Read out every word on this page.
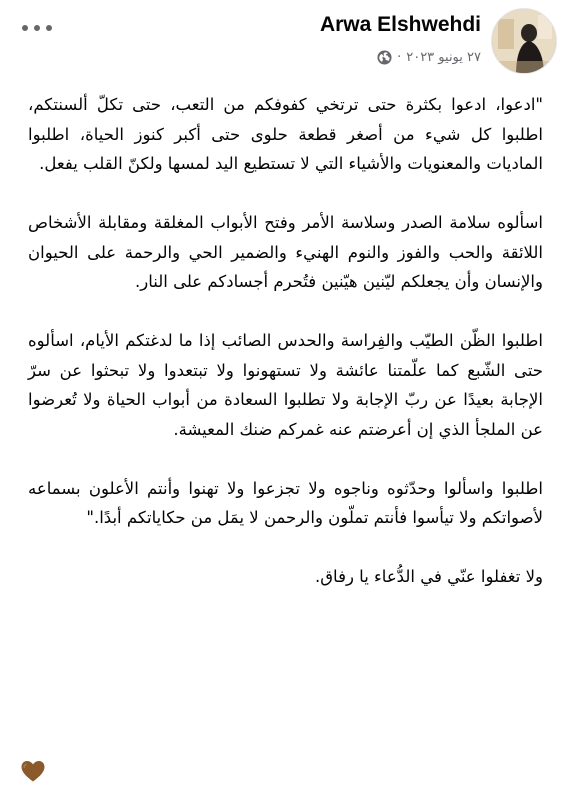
Arwa Elshwehdi
٢٧ يونيو ٢٠٢٣
·

"ادعوا، ادعوا بكثرة حتى ترتخي كفوفكم من التعب، حتى تكلّ ألسنتكم، اطلبوا كل شيء من أصغر قطعة حلوى حتى أكبر كنوز الحياة، اطلبوا الماديات والمعنويات والأشياء التي لا تستطيع اليد لمسها ولكنّ القلب يفعل.

اسألوه سلامة الصدر وسلاسة الأمر وفتح الأبواب المغلقة ومقابلة الأشخاص اللائقة والحب والفوز والنوم الهنيء والضمير الحي والرحمة على الحيوان والإنسان وأن يجعلكم ليّنين هيّنين فتُحرم أجسادكم على النار.

اطلبوا الظّن الطيّب والفِراسة والحدس الصائب إذا ما لدغتكم الأيام، اسألوه حتى الشّبع كما علّمتنا عائشة ولا تستهونوا ولا تبتعدوا ولا تبحثوا عن سرّ الإجابة بعيدًا عن ربّ الإجابة ولا تطلبوا السعادة من أبواب الحياة ولا تُعرضوا عن الملجأ الذي إن أعرضتم عنه غمركم ضنك المعيشة.

اطلبوا واسألوا وحدّثوه وناجوه ولا تجزعوا ولا تهنوا وأنتم الأعلون بسماعه لأصواتكم ولا تيأسوا فأنتم تملّون والرحمن لا يمَل من حكاياتكم أبدًا."

ولا تغفلوا عنّي في الدُّعاء يا رفاق.
